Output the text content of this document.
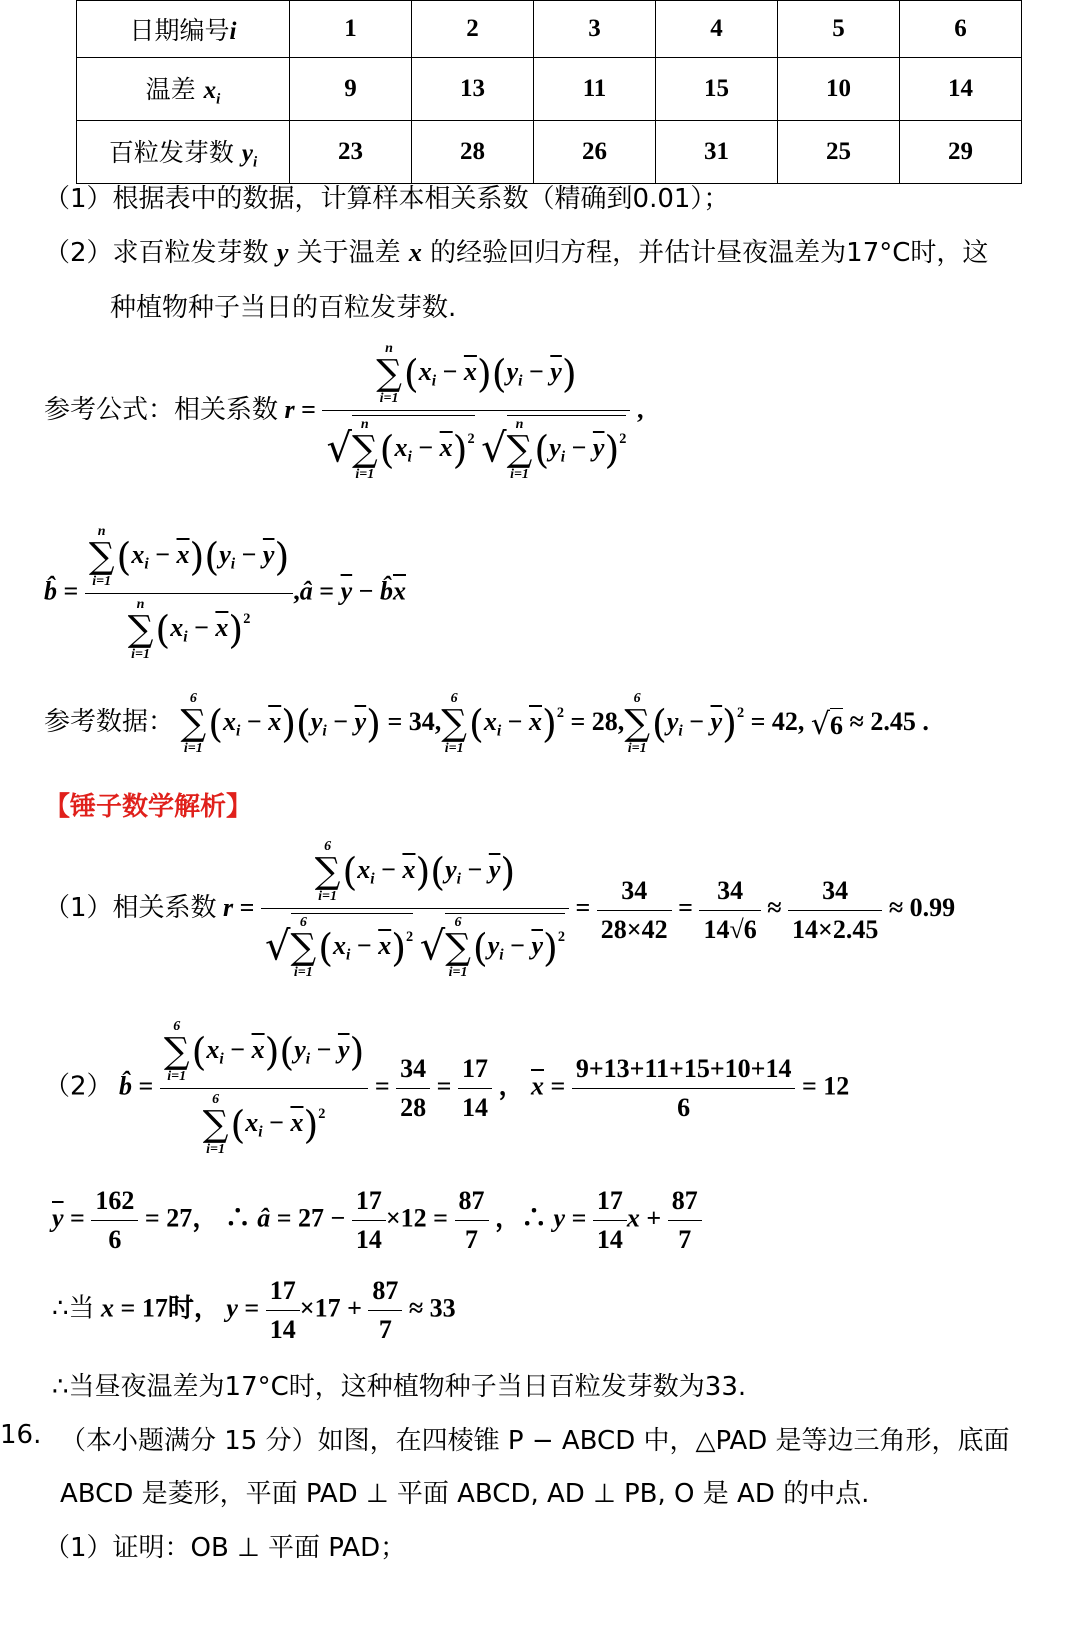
日期编号i	1	2	3	4	5	6
温差 $x_i$	9	13	11	15	10	14
百粒发芽数 $y_i$	23	28	26	31	25	29
（1）根据表中的数据，计算样本相关系数（精确到0.01）；
（2）求百粒发芽数 y 关于温差 x 的经验回归方程，并估计昼夜温差为17°C时，这
种植物种子当日的百粒发芽数.
参考公式：相关系数 r = n
∑
i=1
$(x_i - \overline{x})(y_i - \overline{y})$
√
n
∑
i=1
$(x_i - \overline{x})^2$ √
n
∑
i=1
$(y_i - \overline{y})^2$ ,
b̂ = n
∑
i=1
$(x_i - \overline{x})(y_i - \overline{y})$
n
∑
i=1
$(x_i - \overline{x})^2$ ,â = $\overline{y}$ − $b̂\overline{x}$
参考数据：
6
∑
i=1
$(x_i - \overline{x})(y_i - \overline{y}) = 34$,
6
∑
i=1
$(x_i - \overline{x})^2 = 28$,
6
∑
i=1
$(y_i - \overline{y})^2 = 42$, √6 ≈ 2.45 .
【锤子数学解析】
（1）相关系数 r = 6
∑
i=1
$(x_i - \overline{x})(y_i - \overline{y})$
√
6
∑
i=1
$(x_i - \overline{x})^2$ √
6
∑
i=1
$(y_i - \overline{y})^2 = \frac{34}{28\times 42} = \frac{34}{14√6} \approx \frac{34}{14\times 2.45} \approx 0.99$
（2） b̂ = 6
∑
i=1
$(x_i - \overline{x})(y_i - \overline{y})$
6
∑
i=1
$(x_i - \overline{x})^2 = \frac{34}{28} = \frac{17}{14}$ ， $\overline{x} = \frac{9+13+11+15+10+14}{6} = 12$
$\overline{y} = \frac{162}{6} = 27$， ∴ â = $27 - \frac{17}{14} \times 12 = \frac{87}{7}$ ，∴ $y = \frac{17}{14}$ $x + \frac{87}{7}$
∴当 x = 17时， $y = \frac{17}{14} \times 17 + \frac{87}{7} \approx 33$
∴当昼夜温差为17°C时，这种植物种子当日百粒发芽数为33.
16. （本小题满分 15 分）如图，在四棱锥 P − ABCD 中，△PAD 是等边三角形，底面
ABCD 是菱形，平面 PAD ⊥ 平面 ABCD, AD ⊥ PB, O 是 AD 的中点.
（1）证明：OB ⊥ 平面 PAD；
